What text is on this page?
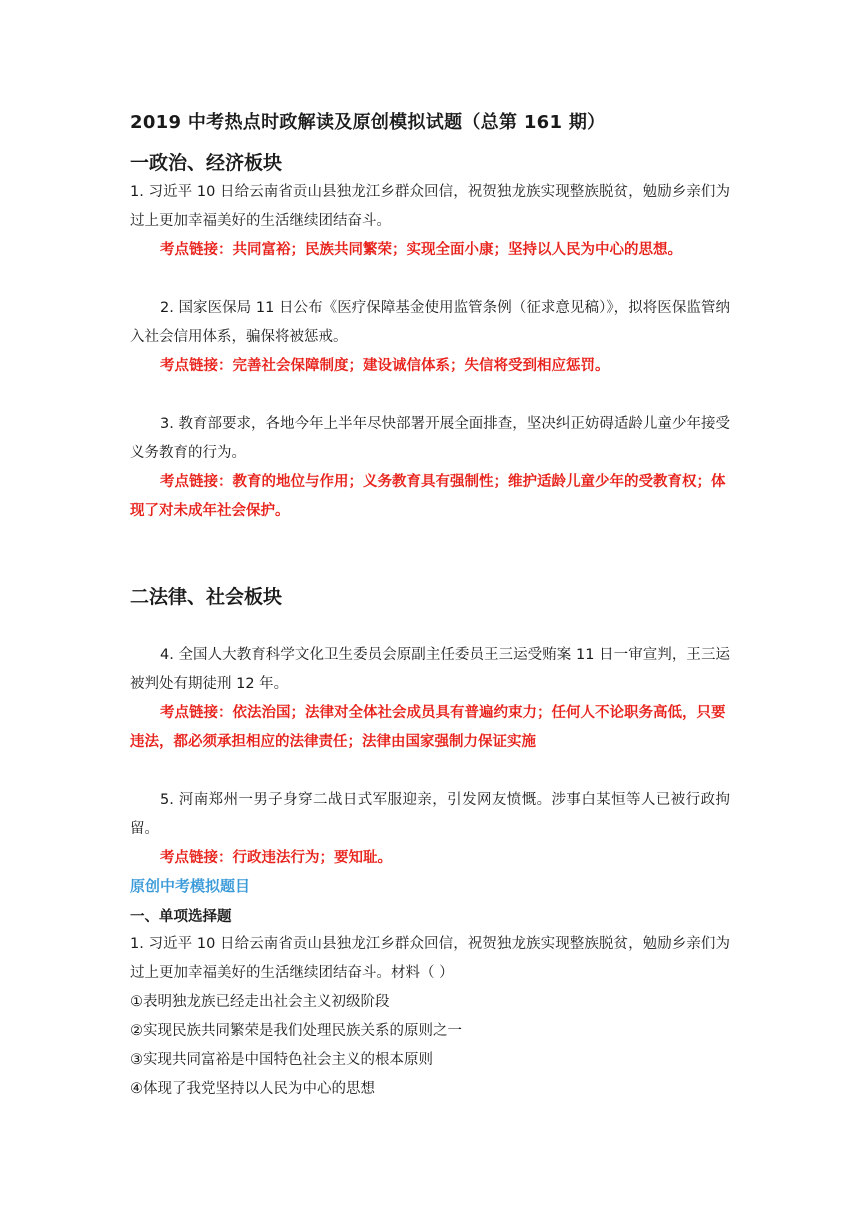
2019 中考热点时政解读及原创模拟试题（总第 161 期）
一政治、经济板块
1. 习近平 10 日给云南省贡山县独龙江乡群众回信，祝贺独龙族实现整族脱贫，勉励乡亲们为过上更加幸福美好的生活继续团结奋斗。
考点链接：共同富裕；民族共同繁荣；实现全面小康；坚持以人民为中心的思想。
2. 国家医保局 11 日公布《医疗保障基金使用监管条例（征求意见稿）》，拟将医保监管纳入社会信用体系，骗保将被惩戒。
考点链接：完善社会保障制度；建设诚信体系；失信将受到相应惩罚。
3. 教育部要求，各地今年上半年尽快部署开展全面排查，坚决纠正妨碍适龄儿童少年接受义务教育的行为。
考点链接：教育的地位与作用；义务教育具有强制性；维护适龄儿童少年的受教育权；体现了对未成年社会保护。
二法律、社会板块
4. 全国人大教育科学文化卫生委员会原副主任委员王三运受贿案 11 日一审宣判，王三运被判处有期徒刑 12 年。
考点链接：依法治国；法律对全体社会成员具有普遍约束力；任何人不论职务高低，只要违法，都必须承担相应的法律责任；法律由国家强制力保证实施
5. 河南郑州一男子身穿二战日式军服迎亲，引发网友愤慨。涉事白某恒等人已被行政拘留。
考点链接：行政违法行为；要知耻。
原创中考模拟题目
一、单项选择题
1. 习近平 10 日给云南省贡山县独龙江乡群众回信，祝贺独龙族实现整族脱贫，勉励乡亲们为过上更加幸福美好的生活继续团结奋斗。材料（ ）
①表明独龙族已经走出社会主义初级阶段
②实现民族共同繁荣是我们处理民族关系的原则之一
③实现共同富裕是中国特色社会主义的根本原则
④体现了我党坚持以人民为中心的思想
